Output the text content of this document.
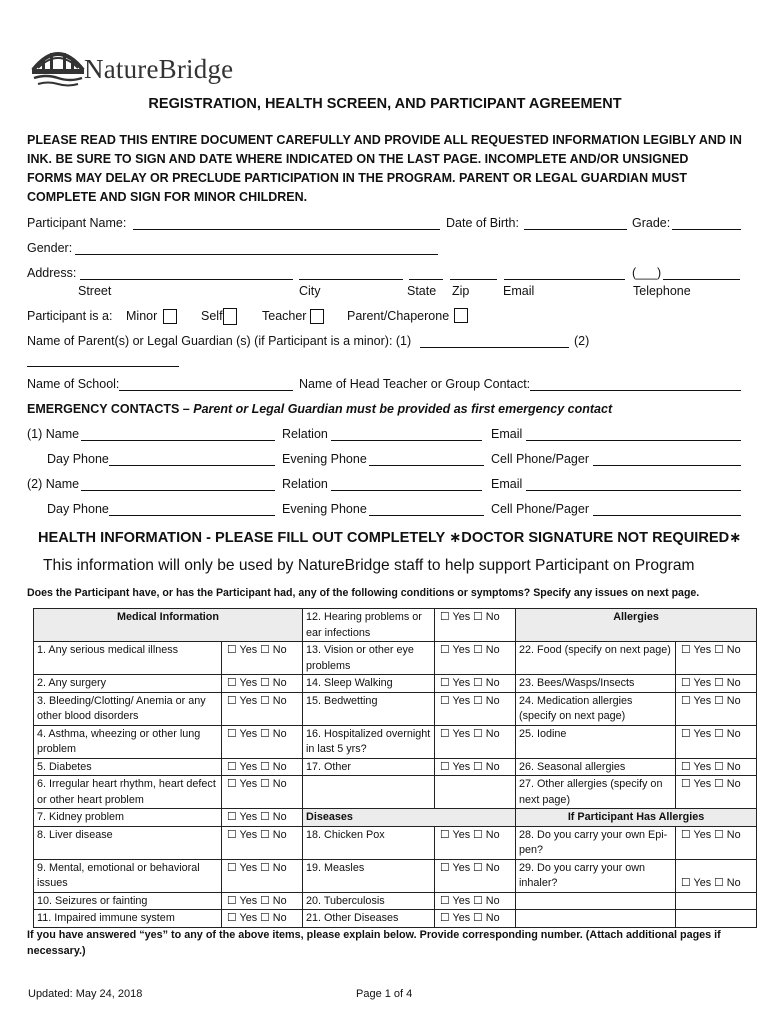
NatureBridge
REGISTRATION, HEALTH SCREEN, AND PARTICIPANT AGREEMENT
PLEASE READ THIS ENTIRE DOCUMENT CAREFULLY AND PROVIDE ALL REQUESTED INFORMATION LEGIBLY AND IN
INK. BE SURE TO SIGN AND DATE WHERE INDICATED ON THE LAST PAGE. INCOMPLETE AND/OR UNSIGNED
FORMS MAY DELAY OR PRECLUDE PARTICIPATION IN THE PROGRAM. PARENT OR LEGAL GUARDIAN MUST
COMPLETE AND SIGN FOR MINOR CHILDREN.
Participant Name:	Date of Birth:	Grade:
Gender:
Address:	(___)
Street	City	State Zip	Email	Telephone
Participant is a: Minor	Self	Teacher	Parent/Chaperone
Name of Parent(s) or Legal Guardian (s) (if Participant is a minor): (1)	(2)
Name of School:	Name of Head Teacher or Group Contact:
EMERGENCY CONTACTS – Parent or Legal Guardian must be provided as first emergency contact
(1) Name	Relation	Email
Day Phone	Evening Phone	Cell Phone/Pager
(2) Name	Relation	Email
Day Phone	Evening Phone	Cell Phone/Pager
HEALTH INFORMATION - PLEASE FILL OUT COMPLETELY ∗DOCTOR SIGNATURE NOT REQUIRED∗
This information will only be used by NatureBridge staff to help support Participant on Program
Does the Participant have, or has the Participant had, any of the following conditions or symptoms? Specify any issues on next page.
Medical Information		12. Hearing problems or ear infections	☐ Yes ☐ No	Allergies	
1. Any serious medical illness	☐ Yes ☐ No	13. Vision or other eye problems	☐ Yes ☐ No	22. Food (specify on next page)	☐ Yes ☐ No
2. Any surgery	☐ Yes ☐ No	14. Sleep Walking	☐ Yes ☐ No	23. Bees/Wasps/Insects	☐ Yes ☐ No
3. Bleeding/Clotting/ Anemia or any other blood disorders	☐ Yes ☐ No	15. Bedwetting	☐ Yes ☐ No	24. Medication allergies (specify on next page)	☐ Yes ☐ No
4. Asthma, wheezing or other lung problem	☐ Yes ☐ No	16. Hospitalized overnight in last 5 yrs?	☐ Yes ☐ No	25. Iodine	☐ Yes ☐ No
5. Diabetes	☐ Yes ☐ No	17. Other	☐ Yes ☐ No	26. Seasonal allergies	☐ Yes ☐ No
6. Irregular heart rhythm, heart defect or other heart problem	☐ Yes ☐ No			27. Other allergies (specify on next page)	☐ Yes ☐ No
7. Kidney problem	☐ Yes ☐ No	Diseases		If Participant Has Allergies	
8. Liver disease	☐ Yes ☐ No	18. Chicken Pox	☐ Yes ☐ No	28. Do you carry your own Epi-pen?	☐ Yes ☐ No
9. Mental, emotional or behavioral issues	☐ Yes ☐ No	19. Measles	☐ Yes ☐ No	29. Do you carry your own inhaler?	☐ Yes ☐ No
10. Seizures or fainting	☐ Yes ☐ No	20. Tuberculosis	☐ Yes ☐ No		
11. Impaired immune system	☐ Yes ☐ No	21. Other Diseases	☐ Yes ☐ No		
If you have answered “yes” to any of the above items, please explain below. Provide corresponding number. (Attach additional pages if necessary.)
Updated: May 24, 2018	Page 1 of 4
